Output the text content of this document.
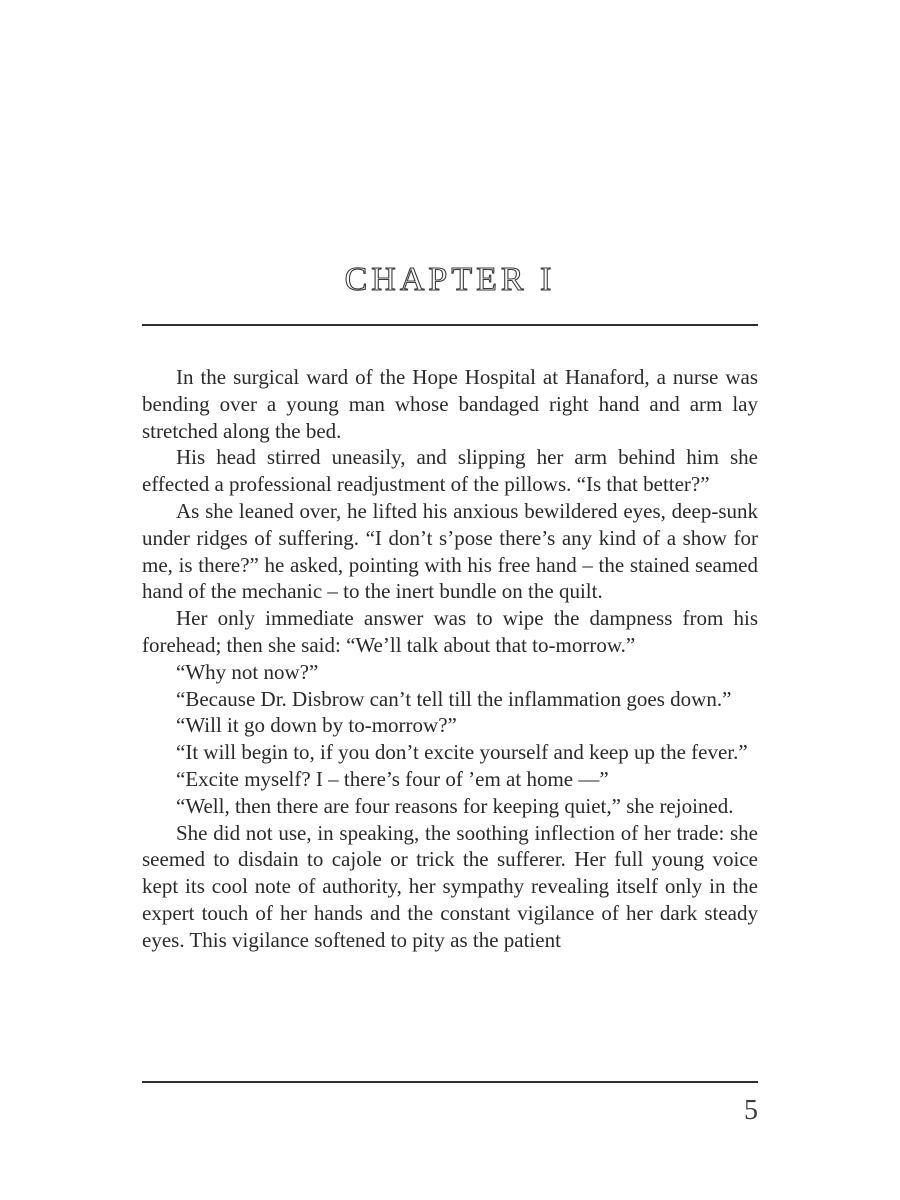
CHAPTER I

In the surgical ward of the Hope Hospital at Hanaford, a nurse was bending over a young man whose bandaged right hand and arm lay stretched along the bed.

His head stirred uneasily, and slipping her arm behind him she effected a professional readjustment of the pillows. “Is that better?”

As she leaned over, he lifted his anxious bewildered eyes, deep-sunk under ridges of suffering. “I don’t s’pose there’s any kind of a show for me, is there?” he asked, pointing with his free hand – the stained seamed hand of the mechanic – to the inert bundle on the quilt.

Her only immediate answer was to wipe the dampness from his forehead; then she said: “We’ll talk about that to-morrow.”

“Why not now?”

“Because Dr. Disbrow can’t tell till the inflammation goes down.”

“Will it go down by to-morrow?”

“It will begin to, if you don’t excite yourself and keep up the fever.”

“Excite myself? I – there’s four of ’em at home —”

“Well, then there are four reasons for keeping quiet,” she rejoined.

She did not use, in speaking, the soothing inflection of her trade: she seemed to disdain to cajole or trick the sufferer. Her full young voice kept its cool note of authority, her sympathy revealing itself only in the expert touch of her hands and the constant vigilance of her dark steady eyes. This vigilance softened to pity as the patient

5
